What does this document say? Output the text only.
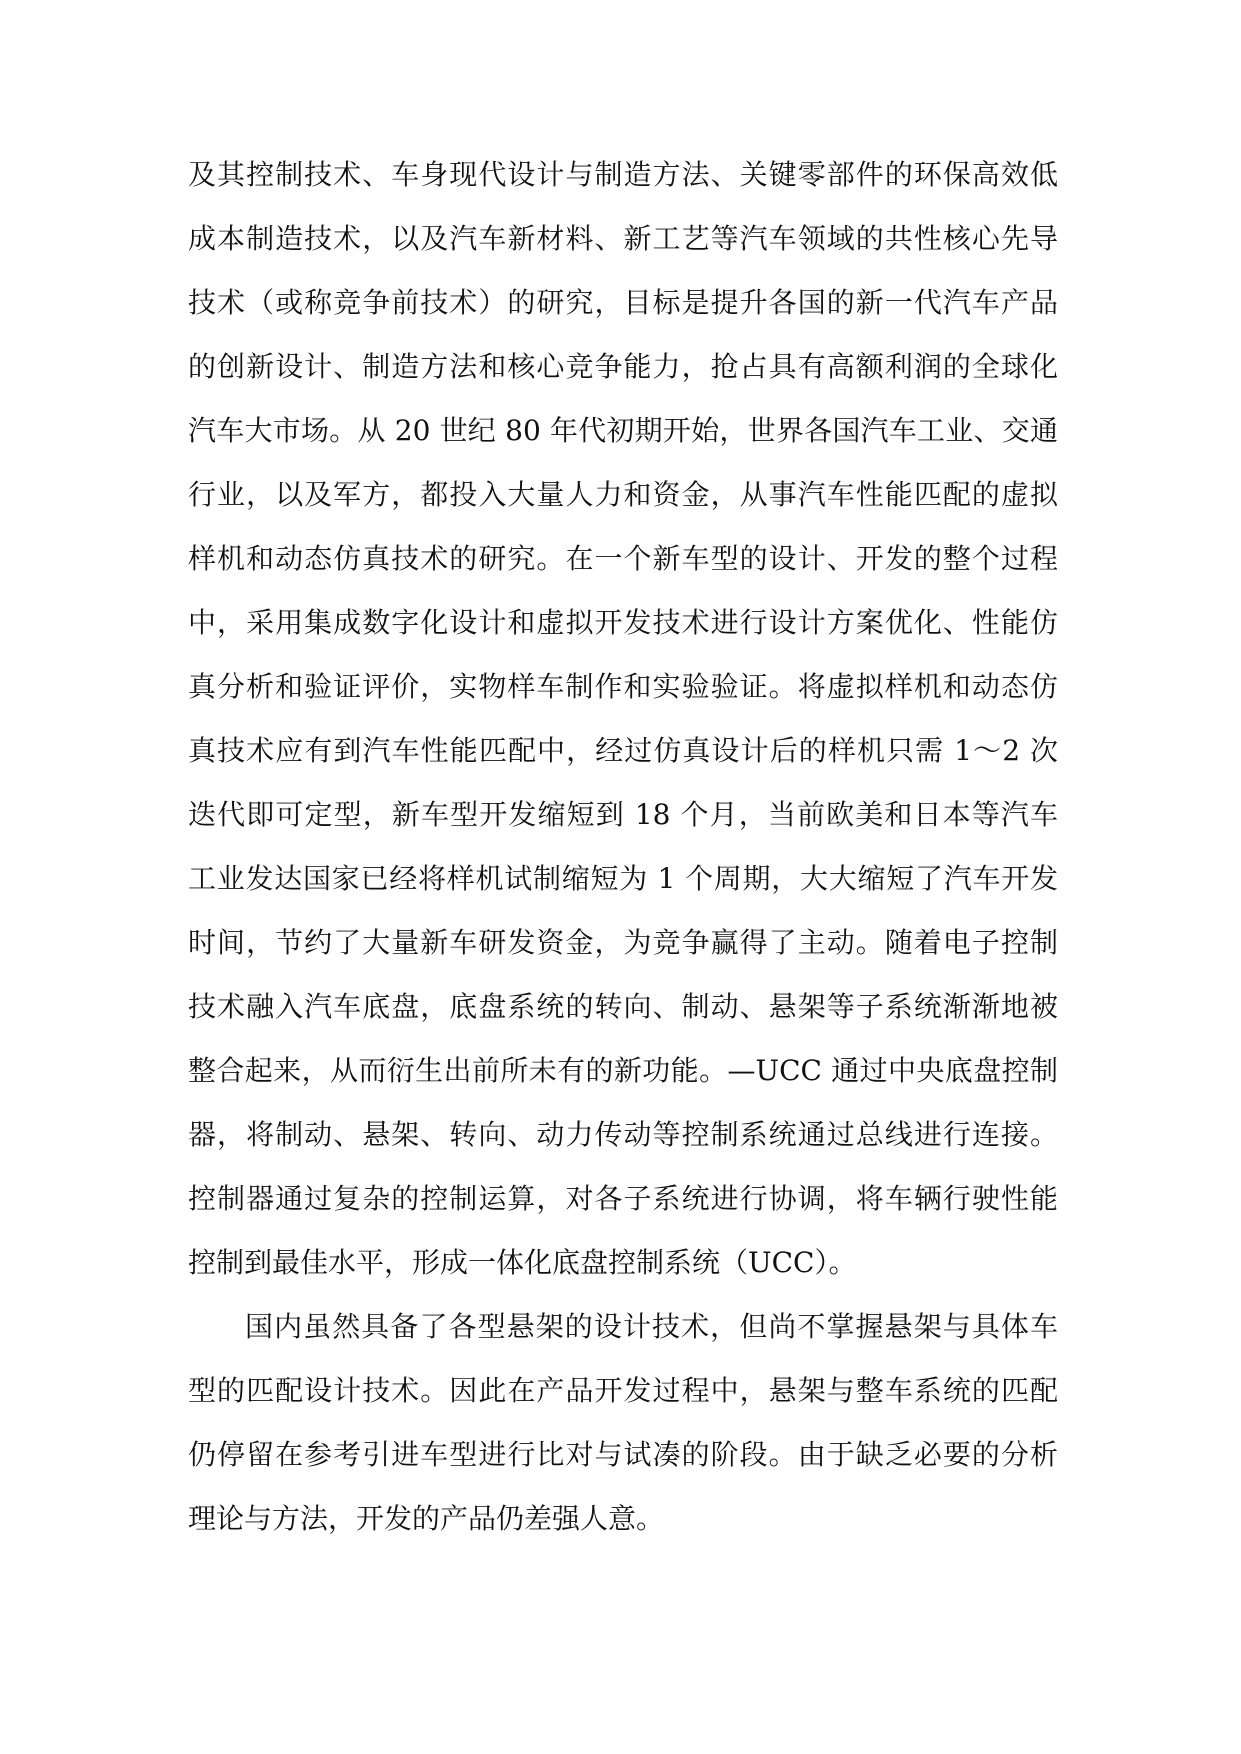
及其控制技术、车身现代设计与制造方法、关键零部件的环保高效低
成本制造技术，以及汽车新材料、新工艺等汽车领域的共性核心先导
技术（或称竞争前技术）的研究，目标是提升各国的新一代汽车产品
的创新设计、制造方法和核心竞争能力，抢占具有高额利润的全球化
汽车大市场。从 20 世纪 80 年代初期开始，世界各国汽车工业、交通
行业，以及军方，都投入大量人力和资金，从事汽车性能匹配的虚拟
样机和动态仿真技术的研究。在一个新车型的设计、开发的整个过程
中，采用集成数字化设计和虚拟开发技术进行设计方案优化、性能仿
真分析和验证评价，实物样车制作和实验验证。将虚拟样机和动态仿
真技术应有到汽车性能匹配中，经过仿真设计后的样机只需 1～2 次
迭代即可定型，新车型开发缩短到 18 个月，当前欧美和日本等汽车
工业发达国家已经将样机试制缩短为 1 个周期，大大缩短了汽车开发
时间，节约了大量新车研发资金，为竞争赢得了主动。随着电子控制
技术融入汽车底盘，底盘系统的转向、制动、悬架等子系统渐渐地被
整合起来，从而衍生出前所未有的新功能。—UCC 通过中央底盘控制
器，将制动、悬架、转向、动力传动等控制系统通过总线进行连接。
控制器通过复杂的控制运算，对各子系统进行协调，将车辆行驶性能
控制到最佳水平，形成一体化底盘控制系统（UCC）。
国内虽然具备了各型悬架的设计技术，但尚不掌握悬架与具体车
型的匹配设计技术。因此在产品开发过程中，悬架与整车系统的匹配
仍停留在参考引进车型进行比对与试凑的阶段。由于缺乏必要的分析
理论与方法，开发的产品仍差强人意。
